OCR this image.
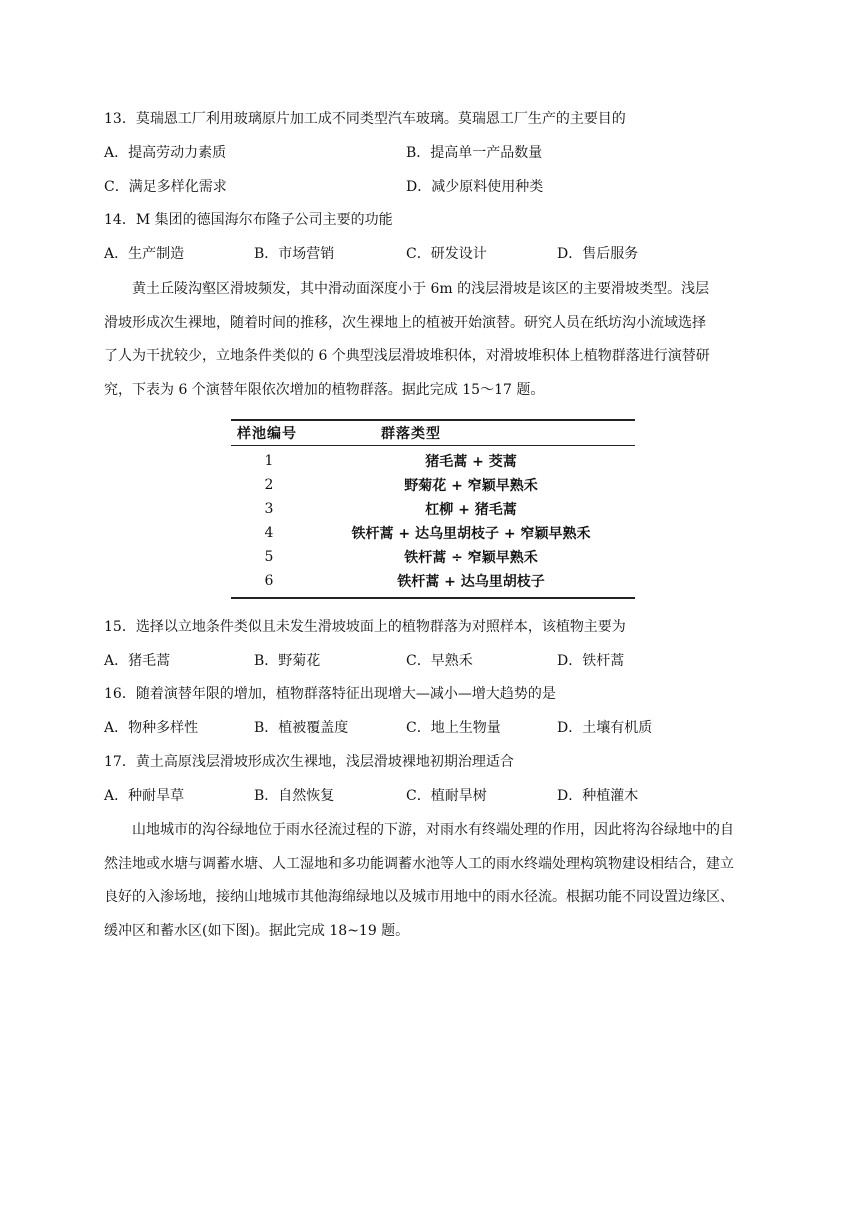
13．莫瑞恩工厂利用玻璃原片加工成不同类型汽车玻璃。莫瑞恩工厂生产的主要目的
A．提高劳动力素质	B．提高单一产品数量
C．满足多样化需求	D．减少原料使用种类
14．M 集团的德国海尔布隆子公司主要的功能
A．生产制造	B．市场营销	C．研发设计	D．售后服务
黄土丘陵沟壑区滑坡频发，其中滑动面深度小于 6m 的浅层滑坡是该区的主要滑坡类型。浅层
滑坡形成次生裸地，随着时间的推移，次生裸地上的植被开始演替。研究人员在纸坊沟小流域选择
了人为干扰较少，立地条件类似的 6 个典型浅层滑坡堆积体，对滑坡堆积体上植物群落进行演替研
究，下表为 6 个演替年限依次增加的植物群落。据此完成 15～17 题。
样池编号	群落类型
1	猪毛蒿 + 茭蒿
2	野菊花 + 窄颖早熟禾
3	杠柳 + 猪毛蒿
4	铁杆蒿 + 达乌里胡枝子 + 窄颖早熟禾
5	铁杆蒿 ÷ 窄颖早熟禾
6	铁杆蒿 + 达乌里胡枝子
15．选择以立地条件类似且未发生滑坡坡面上的植物群落为对照样本，该植物主要为
A．猪毛蒿	B．野菊花	C．早熟禾	D．铁杆蒿
16．随着演替年限的增加，植物群落特征出现增大—减小—增大趋势的是
A．物种多样性	B．植被覆盖度	C．地上生物量	D．土壤有机质
17．黄土高原浅层滑坡形成次生裸地，浅层滑坡裸地初期治理适合
A．种耐旱草	B．自然恢复	C．植耐旱树	D．种植灌木
山地城市的沟谷绿地位于雨水径流过程的下游，对雨水有终端处理的作用，因此将沟谷绿地中的自
然洼地或水塘与调蓄水塘、人工湿地和多功能调蓄水池等人工的雨水终端处理构筑物建设相结合，建立
良好的入渗场地，接纳山地城市其他海绵绿地以及城市用地中的雨水径流。根据功能不同设置边缘区、
缓冲区和蓄水区(如下图)。据此完成 18~19 题。
